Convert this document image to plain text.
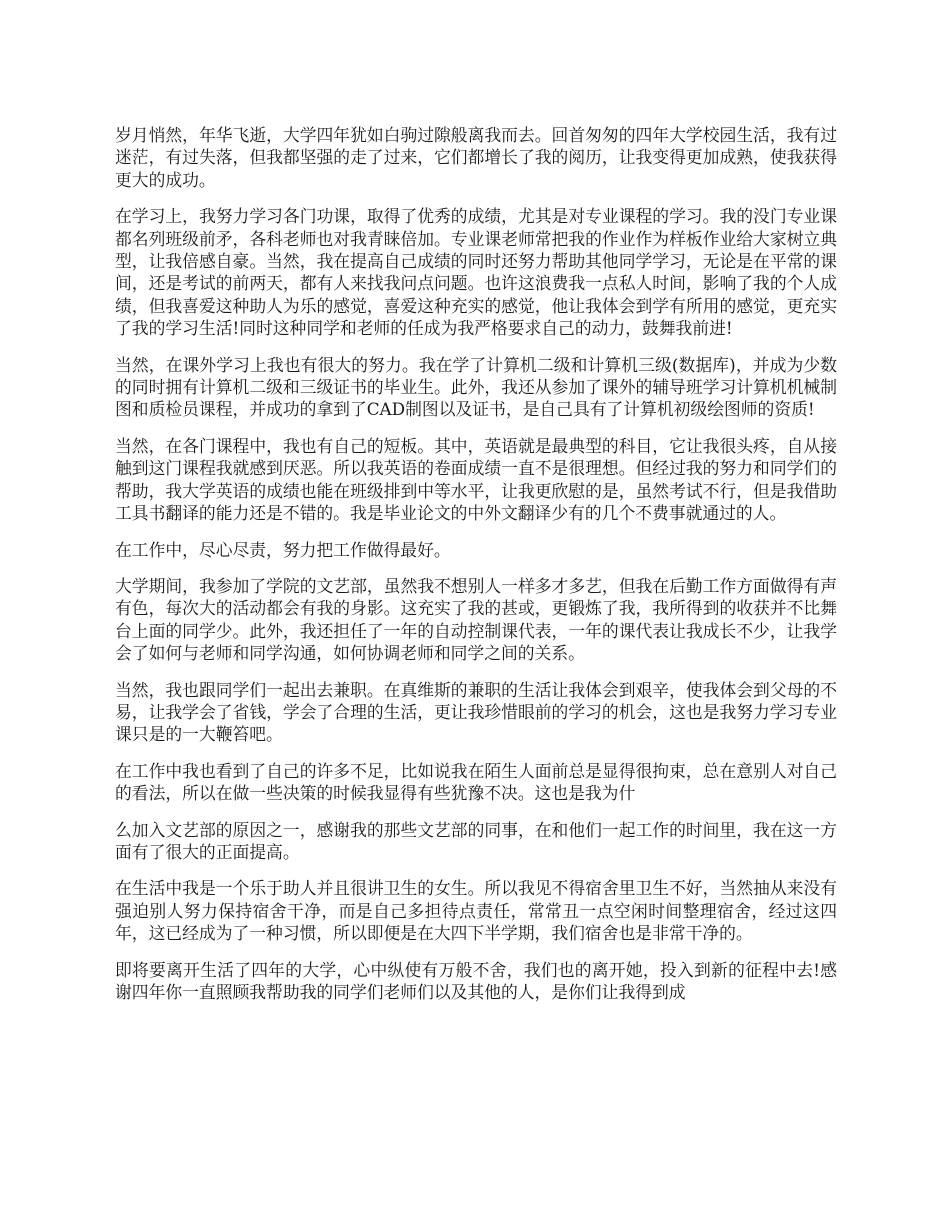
岁月悄然，年华飞逝，大学四年犹如白驹过隙般离我而去。回首匆匆的四年大学校园生活，我有过迷茫，有过失落，但我都坚强的走了过来，它们都增长了我的阅历，让我变得更加成熟，使我获得更大的成功。

在学习上，我努力学习各门功课，取得了优秀的成绩，尤其是对专业课程的学习。我的没门专业课都名列班级前矛，各科老师也对我青睐倍加。专业课老师常把我的作业作为样板作业给大家树立典型，让我倍感自豪。当然，我在提高自己成绩的同时还努力帮助其他同学学习，无论是在平常的课间，还是考试的前两天，都有人来找我问点问题。也许这浪费我一点私人时间，影响了我的个人成绩，但我喜爱这种助人为乐的感觉，喜爱这种充实的感觉，他让我体会到学有所用的感觉，更充实了我的学习生活!同时这种同学和老师的任成为我严格要求自己的动力，鼓舞我前进!

当然，在课外学习上我也有很大的努力。我在学了计算机二级和计算机三级(数据库)，并成为少数的同时拥有计算机二级和三级证书的毕业生。此外，我还从参加了课外的辅导班学习计算机机械制图和质检员课程，并成功的拿到了CAD制图以及证书，是自己具有了计算机初级绘图师的资质!

当然，在各门课程中，我也有自己的短板。其中，英语就是最典型的科目，它让我很头疼，自从接触到这门课程我就感到厌恶。所以我英语的卷面成绩一直不是很理想。但经过我的努力和同学们的帮助，我大学英语的成绩也能在班级排到中等水平，让我更欣慰的是，虽然考试不行，但是我借助工具书翻译的能力还是不错的。我是毕业论文的中外文翻译少有的几个不费事就通过的人。

在工作中，尽心尽责，努力把工作做得最好。

大学期间，我参加了学院的文艺部，虽然我不想别人一样多才多艺，但我在后勤工作方面做得有声有色，每次大的活动都会有我的身影。这充实了我的甚或，更锻炼了我，我所得到的收获并不比舞台上面的同学少。此外，我还担任了一年的自动控制课代表，一年的课代表让我成长不少，让我学会了如何与老师和同学沟通，如何协调老师和同学之间的关系。

当然，我也跟同学们一起出去兼职。在真维斯的兼职的生活让我体会到艰辛，使我体会到父母的不易，让我学会了省钱，学会了合理的生活，更让我珍惜眼前的学习的机会，这也是我努力学习专业课只是的一大鞭笞吧。

在工作中我也看到了自己的许多不足，比如说我在陌生人面前总是显得很拘束，总在意别人对自己的看法，所以在做一些决策的时候我显得有些犹豫不决。这也是我为什

么加入文艺部的原因之一，感谢我的那些文艺部的同事，在和他们一起工作的时间里，我在这一方面有了很大的正面提高。

在生活中我是一个乐于助人并且很讲卫生的女生。所以我见不得宿舍里卫生不好，当然抽从来没有强迫别人努力保持宿舍干净，而是自己多担待点责任，常常丑一点空闲时间整理宿舍，经过这四年，这已经成为了一种习惯，所以即便是在大四下半学期，我们宿舍也是非常干净的。

即将要离开生活了四年的大学，心中纵使有万般不舍，我们也的离开她，投入到新的征程中去!感谢四年你一直照顾我帮助我的同学们老师们以及其他的人，是你们让我得到成
